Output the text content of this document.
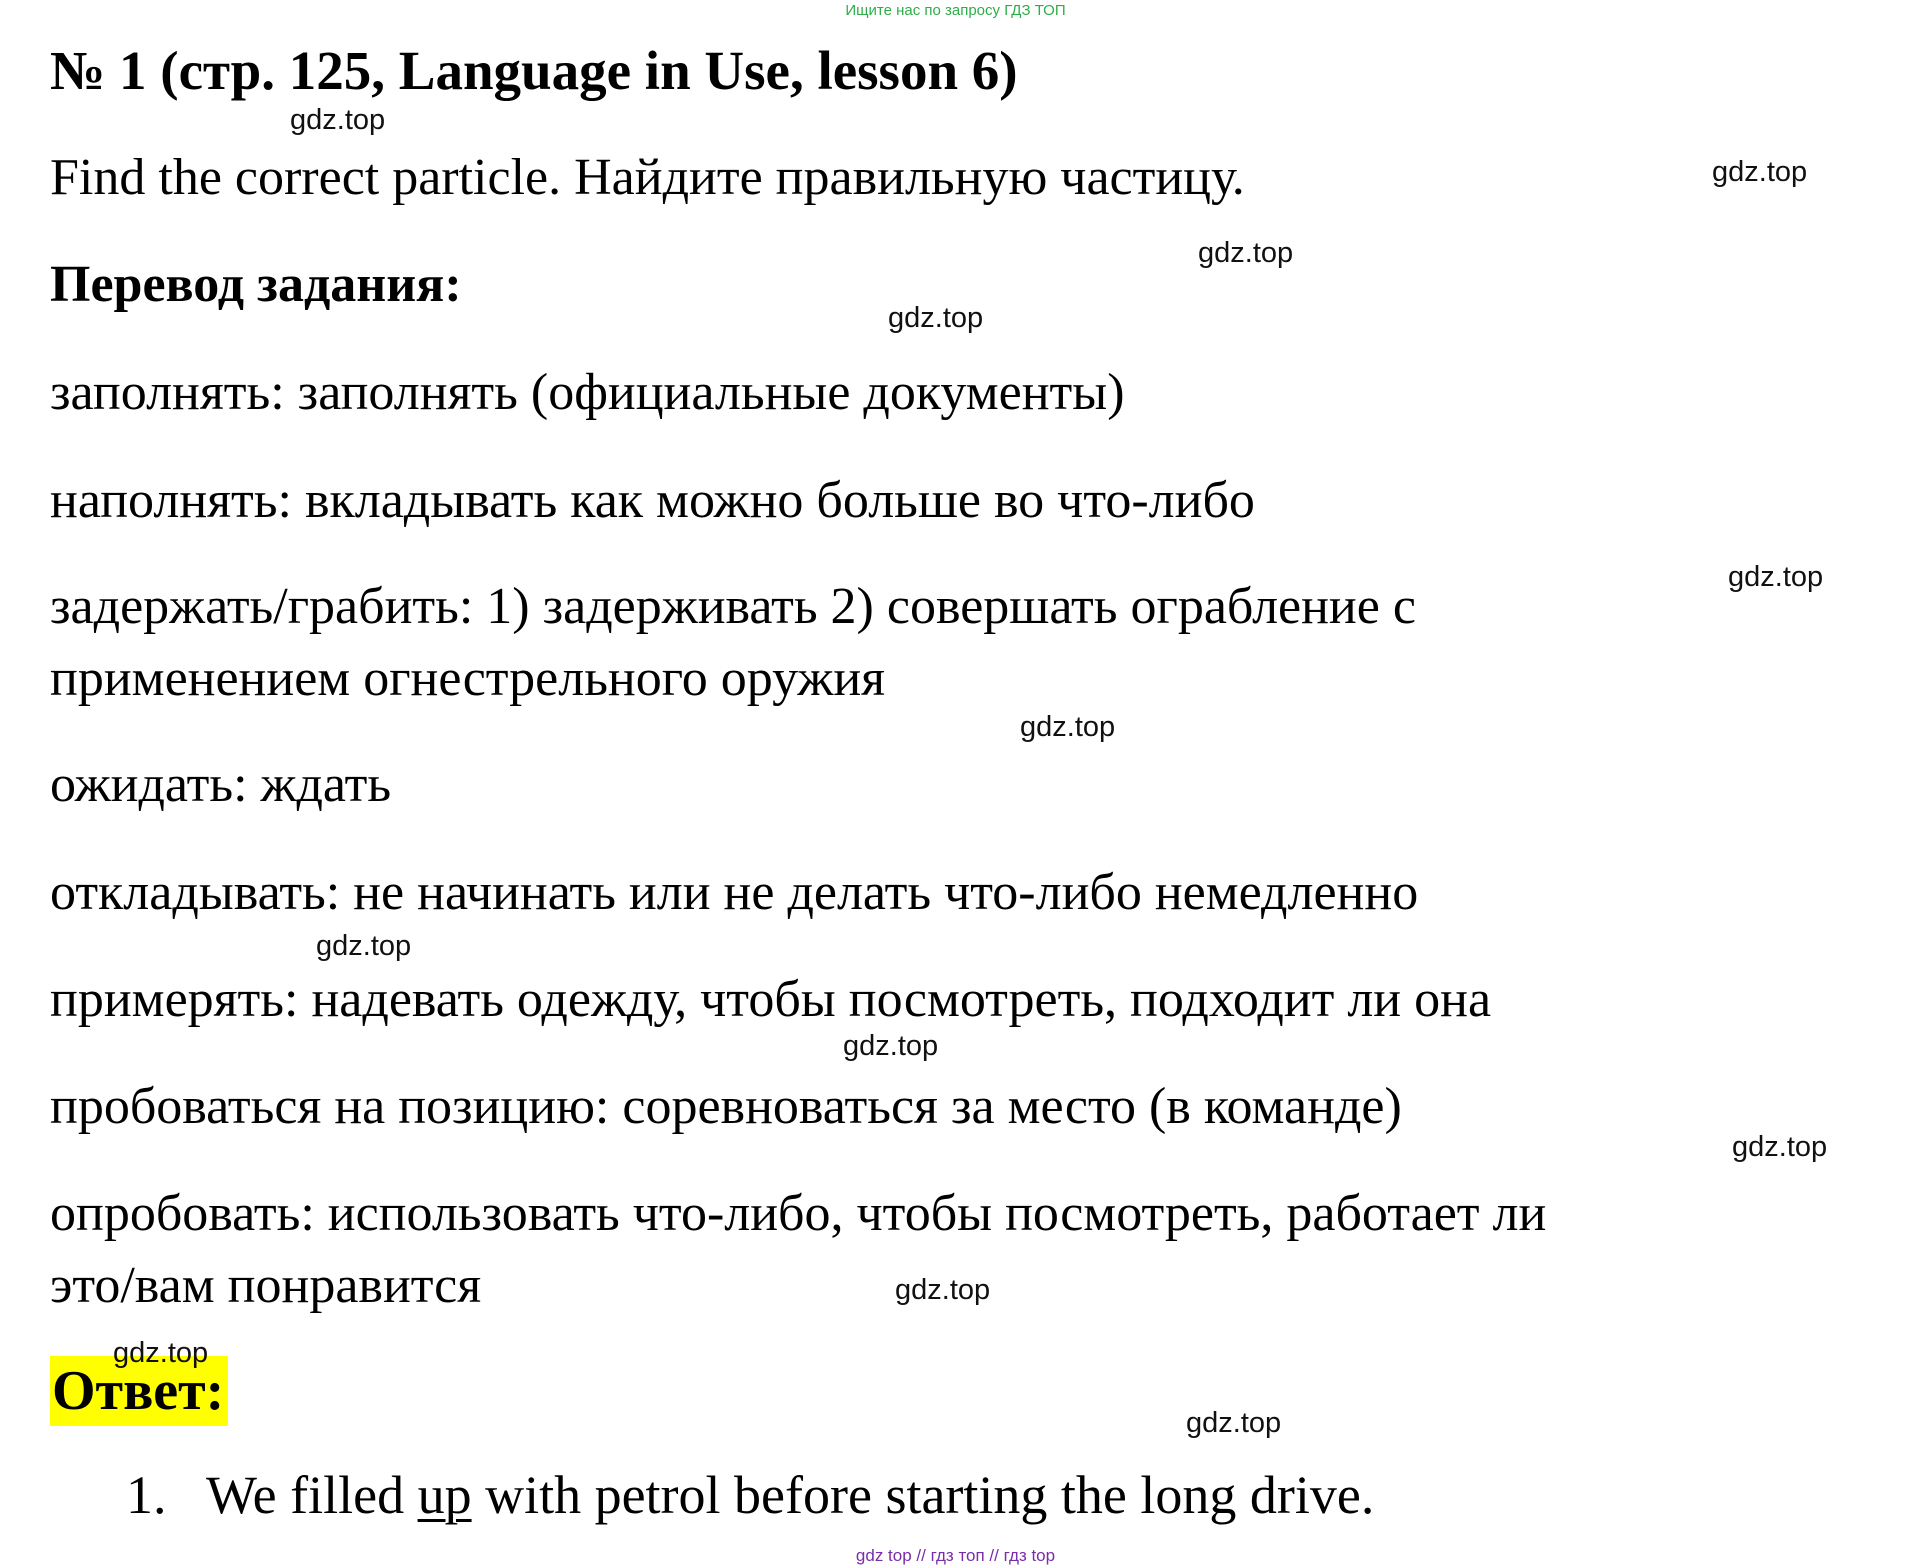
Ищите нас по запросу ГДЗ ТОП
№ 1 (стр. 125, Language in Use, lesson 6)
Find the correct particle. Найдите правильную частицу.
Перевод задания:
заполнять: заполнять (официальные документы)
наполнять: вкладывать как можно больше во что-либо
задержать/грабить: 1) задерживать 2) совершать ограбление с
применением огнестрельного оружия
ожидать: ждать
откладывать: не начинать или не делать что-либо немедленно
примерять: надевать одежду, чтобы посмотреть, подходит ли она
пробоваться на позицию: соревноваться за место (в команде)
опробовать: использовать что-либо, чтобы посмотреть, работает ли
это/вам понравится
Ответ:
1. We filled up with petrol before starting the long drive.
gdz.top
gdz.top
gdz.top
gdz.top
gdz.top
gdz.top
gdz.top
gdz.top
gdz.top
gdz.top
gdz.top
gdz.top
gdz top // гдз топ // гдз top
